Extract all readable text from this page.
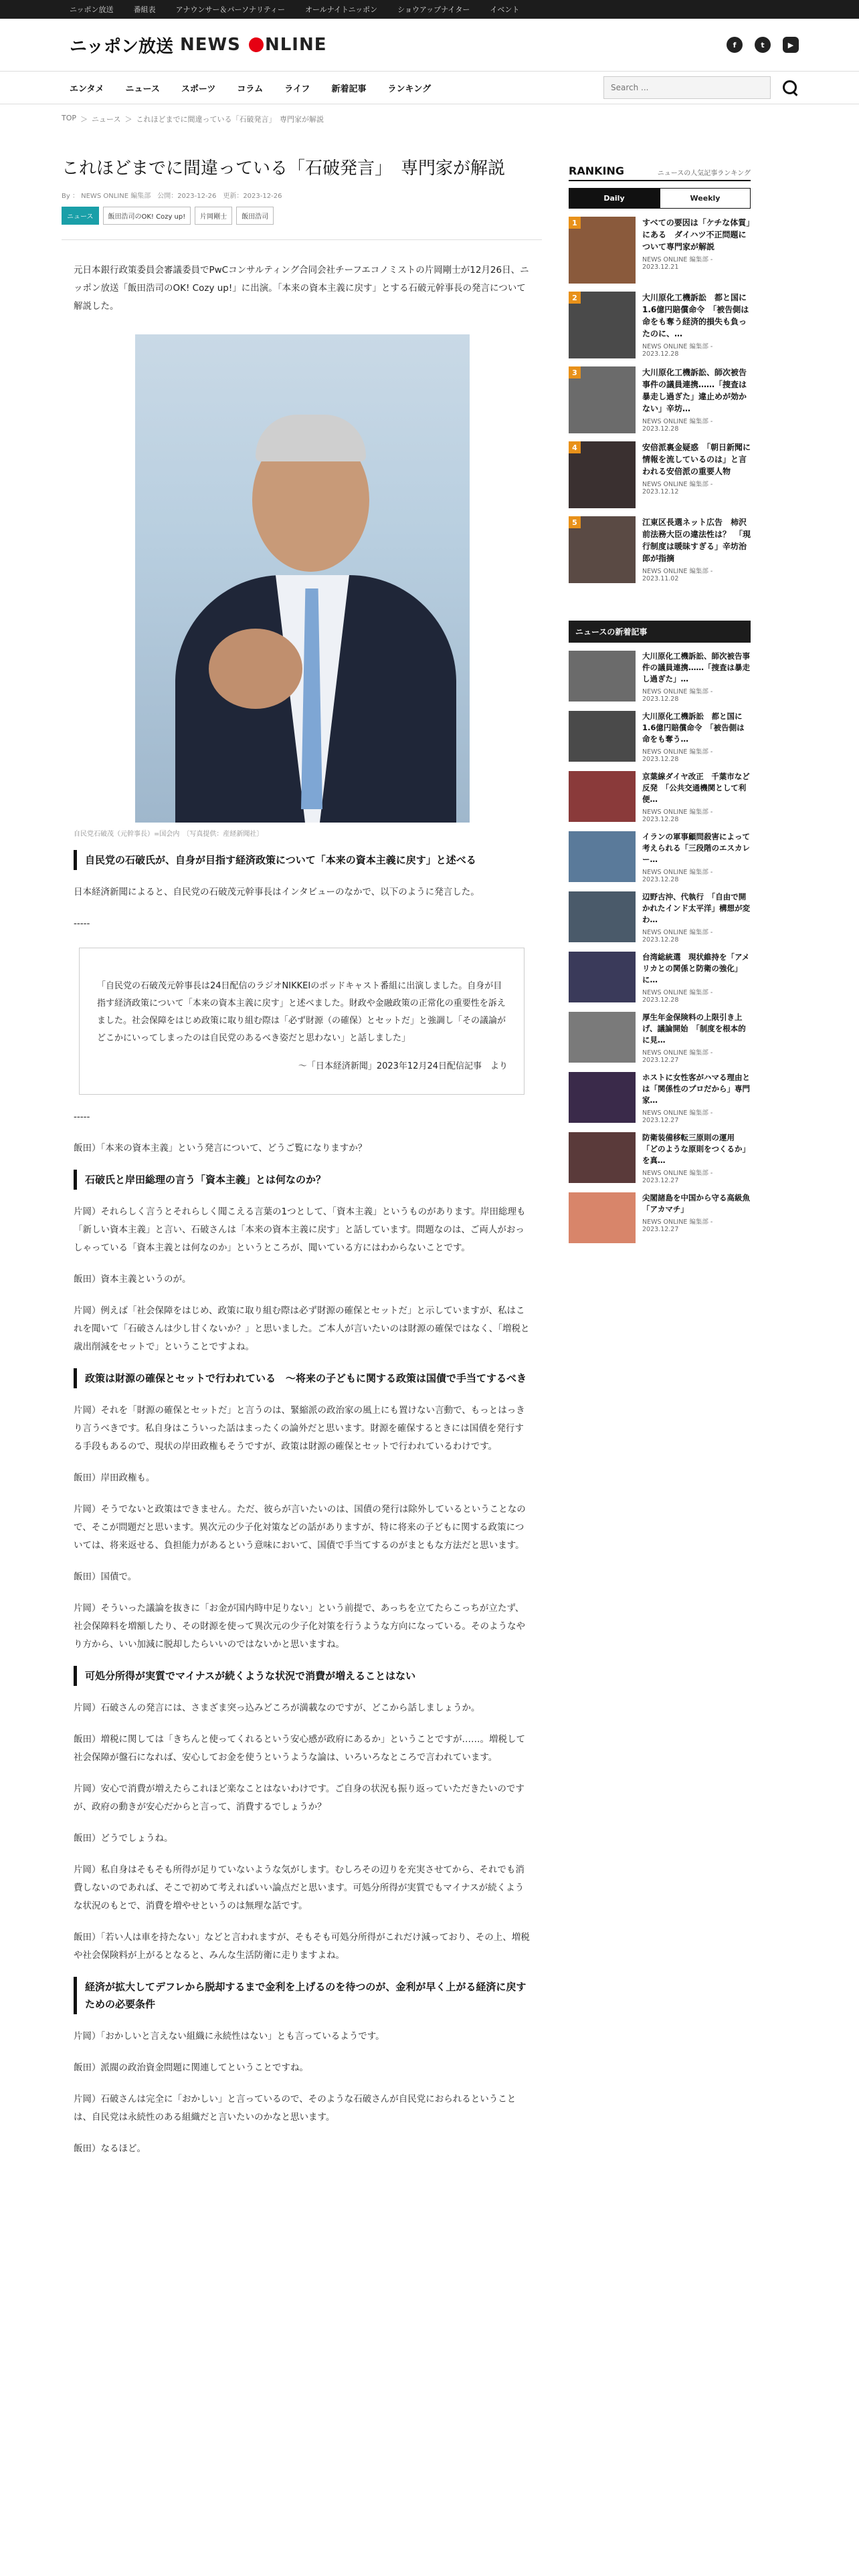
ニッポン放送	番組表	アナウンサー＆パーソナリティー	オールナイトニッポン	ショウアップナイター	イベント
ニッポン放送 NEWS
NLINE	f	t	▶
エンタメ ニュース スポーツ コラム ライフ 新着記事 ランキング
Search ...
TOP ＞ ニュース ＞ これほどまでに間違っている「石破発言」　専門家が解説
これほどまでに間違っている「石破発言」　専門家が解説
By ： NEWS ONLINE 編集部　公開：2023-12-26　更新：2023-12-26
ニュース	飯田浩司のOK! Cozy up!	片岡剛士	飯田浩司
元日本銀行政策委員会審議委員でPwCコンサルティング合同会社チーフエコノミストの片岡剛士が12月26日、ニッポン放送「飯田浩司のOK! Cozy up!」に出演。「本来の資本主義に戻す」とする石破元幹事長の発言について解説した。
自民党石破茂（元幹事長）=国会内　〔写真提供：産経新聞社〕
自民党の石破氏が、自身が目指す経済政策について「本来の資本主義に戻す」と述べる

日本経済新聞によると、自民党の石破茂元幹事長はインタビューのなかで、以下のように発言した。

-----

「自民党の石破茂元幹事長は24日配信のラジオNIKKEIのポッドキャスト番組に出演しました。自身が目指す経済政策について「本来の資本主義に戻す」と述べました。財政や金融政策の正常化の重要性を訴えました。社会保障をはじめ政策に取り組む際は「必ず財源（の確保）とセットだ」と強調し「その議論がどこかにいってしまったのは自民党のあるべき姿だと思わない」と話しました」
〜「日本経済新聞」2023年12月24日配信記事　より

-----

飯田）「本来の資本主義」という発言について、どうご覧になりますか？

石破氏と岸田総理の言う「資本主義」とは何なのか？

片岡）それらしく言うとそれらしく聞こえる言葉の1つとして、「資本主義」というものがあります。岸田総理も「新しい資本主義」と言い、石破さんは「本来の資本主義に戻す」と話しています。問題なのは、ご両人がおっしゃっている「資本主義とは何なのか」というところが、聞いている方にはわからないことです。

飯田）資本主義というのが。

片岡）例えば「社会保障をはじめ、政策に取り組む際は必ず財源の確保とセットだ」と示していますが、私はこれを聞いて「石破さんは少し甘くないか？」と思いました。ご本人が言いたいのは財源の確保ではなく、「増税と歳出削減をセットで」ということですよね。

政策は財源の確保とセットで行われている　〜将来の子どもに関する政策は国債で手当てするべき

片岡）それを「財源の確保とセットだ」と言うのは、緊縮派の政治家の風上にも置けない言動で、もっとはっきり言うべきです。私自身はこういった話はまったくの論外だと思います。財源を確保するときには国債を発行する手段もあるので、現状の岸田政権もそうですが、政策は財源の確保とセットで行われているわけです。

飯田）岸田政権も。

片岡）そうでないと政策はできません。ただ、彼らが言いたいのは、国債の発行は除外しているということなので、そこが問題だと思います。異次元の少子化対策などの話がありますが、特に将来の子どもに関する政策については、将来返せる、負担能力があるという意味において、国債で手当てするのがまともな方法だと思います。

飯田）国債で。

片岡）そういった議論を抜きに「お金が国内時中足りない」という前提で、あっちを立てたらこっちが立たず、社会保障料を増額したり、その財源を使って異次元の少子化対策を行うような方向になっている。そのようなやり方から、いい加減に脱却したらいいのではないかと思いますね。

可処分所得が実質でマイナスが続くような状況で消費が増えることはない

片岡）石破さんの発言には、さまざま突っ込みどころが満載なのですが、どこから話しましょうか。

飯田）増税に関しては「きちんと使ってくれるという安心感が政府にあるか」ということですが……。増税して社会保障が盤石になれば、安心してお金を使うというような論は、いろいろなところで言われています。

片岡）安心で消費が増えたらこれほど楽なことはないわけです。ご自身の状況も振り返っていただきたいのですが、政府の動きが安心だからと言って、消費するでしょうか？

飯田）どうでしょうね。

片岡）私自身はそもそも所得が足りていないような気がします。むしろその辺りを充実させてから、それでも消費しないのであれば、そこで初めて考えればいい論点だと思います。可処分所得が実質でもマイナスが続くような状況のもとで、消費を増やせというのは無理な話です。

飯田）「若い人は車を持たない」などと言われますが、そもそも可処分所得がこれだけ減っており、その上、増税や社会保険料が上がるとなると、みんな生活防衛に走りますよね。

経済が拡大してデフレから脱却するまで金利を上げるのを待つのが、金利が早く上がる経済に戻すための必要条件

片岡）「おかしいと言えない組織に永続性はない」とも言っているようです。

飯田）派閥の政治資金問題に関連してということですね。

片岡）石破さんは完全に「おかしい」と言っているので、そのような石破さんが自民党におられるということは、自民党は永続性のある組織だと言いたいのかなと思います。

飯田）なるほど。

RANKING	ニュースの人気記事ランキング
Daily	Weekly
1	すべての要因は「ケチな体質」にある　ダイハツ不正問題について専門家が解説
NEWS ONLINE 編集部 - 2023.12.21
2	大川原化工機訴訟　都と国に1.6億円賠償命令　「被告側は命をも奪う経済的損失も負ったのに、…
NEWS ONLINE 編集部 - 2023.12.28
3	大川原化工機訴訟、師次被告事件の議員連携……「捜査は暴走し過ぎた」違止めが効かない」辛坊…
NEWS ONLINE 編集部 - 2023.12.28
4	安倍派裏金疑惑　「朝日新聞に情報を流しているのは」と言われる安倍派の重要人物
NEWS ONLINE 編集部 - 2023.12.12
5	江東区長選ネット広告　柿沢前法務大臣の違法性は？　「現行制度は暖昧すぎる」辛坊治郎が指摘
NEWS ONLINE 編集部 - 2023.11.02
ニュースの新着記事
大川原化工機訴訟、師次被告事件の議員連携……「捜査は暴走し過ぎた」…
NEWS ONLINE 編集部 - 2023.12.28
大川原化工機訴訟　都と国に1.6億円賠償命令　「被告側は命をも奪う…
NEWS ONLINE 編集部 - 2023.12.28
京葉線ダイヤ改正　千葉市など反発　「公共交通機関として利便…
NEWS ONLINE 編集部 - 2023.12.28
イランの軍事顧問殺害によって考えられる「三段階のエスカレー…
NEWS ONLINE 編集部 - 2023.12.28
辺野古沖、代執行　「自由で開かれたインド太平洋」構想が変わ…
NEWS ONLINE 編集部 - 2023.12.28
台湾総統選　現状維持を「アメリカとの関係と防衛の強化」に…
NEWS ONLINE 編集部 - 2023.12.28
厚生年金保険料の上限引き上げ、議論開始　「制度を根本的に見…
NEWS ONLINE 編集部 - 2023.12.27
ホストに女性客がハマる理由とは「関係性のプロだから」専門家…
NEWS ONLINE 編集部 - 2023.12.27
防衛装備移転三原則の運用　「どのような原則をつくるか」を真…
NEWS ONLINE 編集部 - 2023.12.27
尖閣諸島を中国から守る高級魚「アカマチ」
NEWS ONLINE 編集部 - 2023.12.27
